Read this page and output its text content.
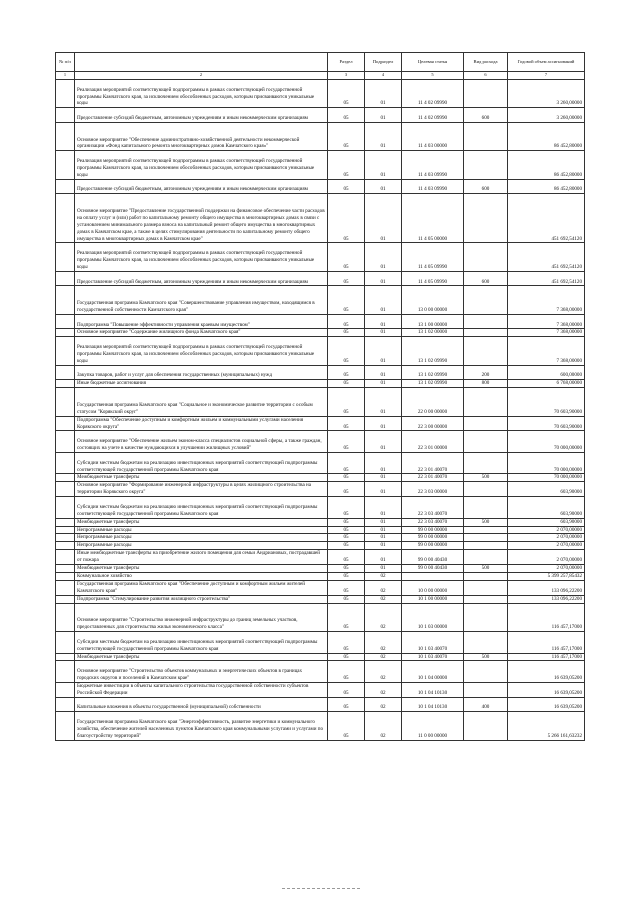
№ п/п		Раздел	Подраздел	Целевая статья	Вид расхода	Годовой объем ассигнований
1	2	3	4	5	6	7
	Реализация мероприятий соответствующей подпрограммы в рамках соответствующей государственной программы Камчатского края, за исключением обособленных расходов, которым присваиваются уникальные коды	05	01	11 4 02 09990		3 260,00000
	Предоставление субсидий бюджетным, автономным учреждениям и иным некоммерческим организациям	05	01	11 4 02 09990	600	3 260,00000
	Основное мероприятие "Обеспечение административно-хозяйственной деятельности некоммерческой организации «Фонд капитального ремонта многоквартирных домов Камчатского края»"	05	01	11 4 03 00000		86 452,80000
	Реализация мероприятий соответствующей подпрограммы в рамках соответствующей государственной программы Камчатского края, за исключением обособленных расходов, которым присваиваются уникальные коды	05	01	11 4 03 09990		86 452,80000
	Предоставление субсидий бюджетным, автономным учреждениям и иным некоммерческим организациям	05	01	11 4 03 09990	600	86 452,80000
	Основное мероприятие "Предоставление государственной поддержки на финансовое обеспечение части расходов на оплату услуг и (или) работ по капитальному ремонту общего имущества в многоквартирных домах в связи с установлением минимального размера взноса на капитальный ремонт общего имущества в многоквартирных домах в Камчатском крае, а также в целях стимулирования деятельности по капитальному ремонту общего имущества в многоквартирных домах в Камчатском крае"	05	01	11 4 05 00000		451 692,54120
	Реализация мероприятий соответствующей подпрограммы в рамках соответствующей государственной программы Камчатского края, за исключением обособленных расходов, которым присваиваются уникальные коды	05	01	11 4 05 09990		451 692,54120
	Предоставление субсидий бюджетным, автономным учреждениям и иным некоммерческим организациям	05	01	11 4 05 09990	600	451 692,54120
	Государственная программа Камчатского края "Совершенствование управления имуществом, находящимся в государственной собственности Камчатского края"	05	01	13 0 00 00000		7 368,00000
	Подпрограмма "Повышение эффективности управления краевым имуществом"	05	01	13 1 00 00000		7 368,00000
	Основное мероприятие "Содержание жилищного фонда Камчатского края"	05	01	13 1 02 00000		7 368,00000
	Реализация мероприятий соответствующей подпрограммы в рамках соответствующей государственной программы Камчатского края, за исключением обособленных расходов, которым присваиваются уникальные коды	05	01	13 1 02 09990		7 368,00000
	Закупка товаров, работ и услуг для обеспечения государственных (муниципальных) нужд	05	01	13 1 02 09990	200	600,00000
	Иные бюджетные ассигнования	05	01	13 1 02 09990	800	6 768,00000
	Государственная программа Камчатского края "Социальное и экономическое развитие территории с особым статусом "Корякский округ"	05	01	22 0 00 00000		70 603,90000
	Подпрограмма "Обеспечение доступным и комфортным жильем и коммунальными услугами населения Корякского округа"	05	01	22 3 00 00000		70 603,90000
	Основное мероприятие "Обеспечение жильем эконом-класса специалистов социальной сферы, а также граждан, состоящих на учете в качестве нуждающихся в улучшении жилищных условий"	05	01	22 3 01 00000		70 000,00000
	Субсидии местным бюджетам на реализацию инвестиционных мероприятий соответствующей подпрограммы соответствующей государственной программы Камчатского края	05	01	22 3 01 40070		70 000,00000
	Межбюджетные трансферты	05	01	22 3 01 40070	500	70 000,00000
	Основное мероприятие "Формирование инженерной инфраструктуры в целях жилищного строительства на территории Корякского округа"	05	01	22 3 03 00000		603,90000
	Субсидии местным бюджетам на реализацию инвестиционных мероприятий соответствующей подпрограммы соответствующей государственной программы Камчатского края	05	01	22 3 03 40070		603,90000
	Межбюджетные трансферты	05	01	22 3 03 40070	500	603,90000
	Непрограммные расходы	05	01	99 0 00 00000		2 070,00000
	Непрограммные расходы	05	01	99 0 00 00000		2 070,00000
	Непрограммные расходы	05	01	99 0 00 00000		2 070,00000
	Иные межбюджетные трансферты на приобретение жилого помещения для семьи Андриановых, пострадавшей от пожара	05	01	99 0 00 40430		2 070,00000
	Межбюджетные трансферты	05	01	99 0 00 40430	500	2 070,00000
	Коммунальное хозяйство	05	02			5 399 257,85432
	Государственная программа Камчатского края "Обеспечение доступным и комфортным жильем жителей Камчатского края"	05	02	10 0 00 00000		133 096,22200
	Подпрограмма "Стимулирование развития жилищного строительства"	05	02	10 1 00 00000		133 096,22200
	Основное мероприятие "Строительство инженерной инфраструктуры до границ земельных участков, предоставленных для строительства жилья экономического класса"	05	02	10 1 03 00000		116 457,17000
	Субсидии местным бюджетам на реализацию инвестиционных мероприятий соответствующей подпрограммы соответствующей государственной программы Камчатского края	05	02	10 1 03 40070		116 457,17000
	Межбюджетные трансферты	05	02	10 1 03 40070	500	116 457,17000
	Основное мероприятие "Строительство объектов коммунальных и энергетических объектов в границах городских округов и поселений в Камчатском крае"	05	02	10 1 04 00000		16 639,05200
	Бюджетные инвестиции в объекты капитального строительства государственной собственности субъектов Российской Федерации	05	02	10 1 04 10130		16 639,05200
	Капитальные вложения в объекты государственной (муниципальной) собственности	05	02	10 1 04 10130	400	16 639,05200
	Государственная программа Камчатского края "Энергоэффективность, развитие энергетики и коммунального хозяйства, обеспечение жителей населенных пунктов Камчатского края коммунальными услугами и услугами по благоустройству территорий"	05	02	11 0 00 00000		5 266 161,63232
